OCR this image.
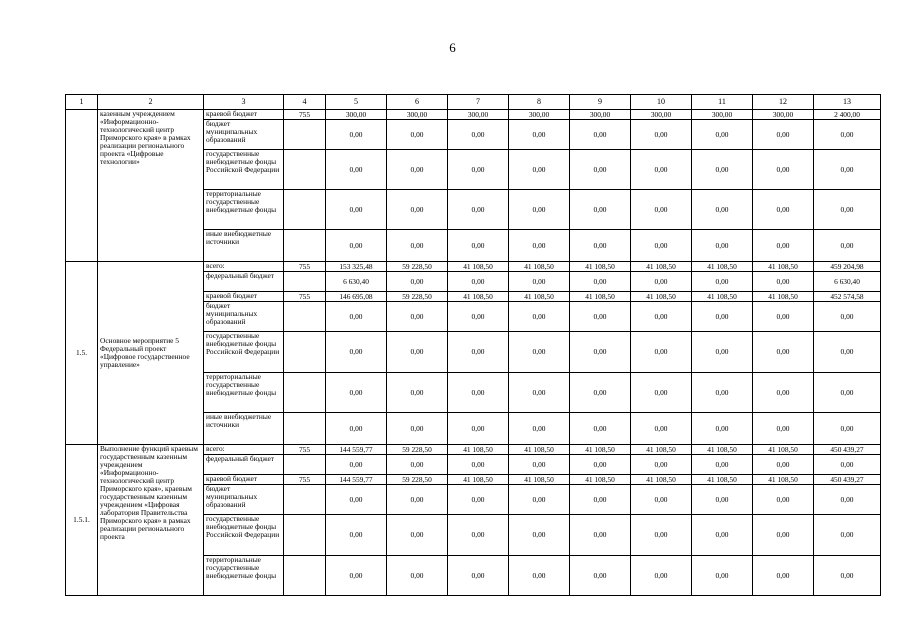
6
1	2	3	4	5	6	7	8	9	10	11	12	13
	казенным учреждением «Информационно-технологический центр Приморского края» в рамках реализации регионального проекта «Цифровые технологии»	краевой бюджет	755	300,00	300,00	300,00	300,00	300,00	300,00	300,00	300,00	2 400,00
		бюджет муниципальных образований		0,00	0,00	0,00	0,00	0,00	0,00	0,00	0,00	0,00
		государственные внебюджетные фонды Российской Федерации		0,00	0,00	0,00	0,00	0,00	0,00	0,00	0,00	0,00
		территориальные государственные внебюджетные фонды		0,00	0,00	0,00	0,00	0,00	0,00	0,00	0,00	0,00
		иные внебюджетные источники		0,00	0,00	0,00	0,00	0,00	0,00	0,00	0,00	0,00
1.5.	Основное мероприятие 5 Федеральный проект «Цифровое государственное управление»	всего:	755	153 325,48	59 228,50	41 108,50	41 108,50	41 108,50	41 108,50	41 108,50	41 108,50	459 204,98
		федеральный бюджет		6 630,40	0,00	0,00	0,00	0,00	0,00	0,00	0,00	6 630,40
		краевой бюджет	755	146 695,08	59 228,50	41 108,50	41 108,50	41 108,50	41 108,50	41 108,50	41 108,50	452 574,58
		бюджет муниципальных образований		0,00	0,00	0,00	0,00	0,00	0,00	0,00	0,00	0,00
		государственные внебюджетные фонды Российской Федерации		0,00	0,00	0,00	0,00	0,00	0,00	0,00	0,00	0,00
		территориальные государственные внебюджетные фонды		0,00	0,00	0,00	0,00	0,00	0,00	0,00	0,00	0,00
		иные внебюджетные источники		0,00	0,00	0,00	0,00	0,00	0,00	0,00	0,00	0,00
1.5.1.	Выполнение функций краевым государственным казенным учреждением «Информационно-технологический центр Приморского края», краевым государственным казенным учреждением «Цифровая лаборатория Правительства Приморского края» в рамках реализации регионального проекта	всего:	755	144 559,77	59 228,50	41 108,50	41 108,50	41 108,50	41 108,50	41 108,50	41 108,50	450 439,27
		федеральный бюджет		0,00	0,00	0,00	0,00	0,00	0,00	0,00	0,00	0,00
		краевой бюджет	755	144 559,77	59 228,50	41 108,50	41 108,50	41 108,50	41 108,50	41 108,50	41 108,50	450 439,27
		бюджет муниципальных образований		0,00	0,00	0,00	0,00	0,00	0,00	0,00	0,00	0,00
		государственные внебюджетные фонды Российской Федерации		0,00	0,00	0,00	0,00	0,00	0,00	0,00	0,00	0,00
		территориальные государственные внебюджетные фонды		0,00	0,00	0,00	0,00	0,00	0,00	0,00	0,00	0,00
